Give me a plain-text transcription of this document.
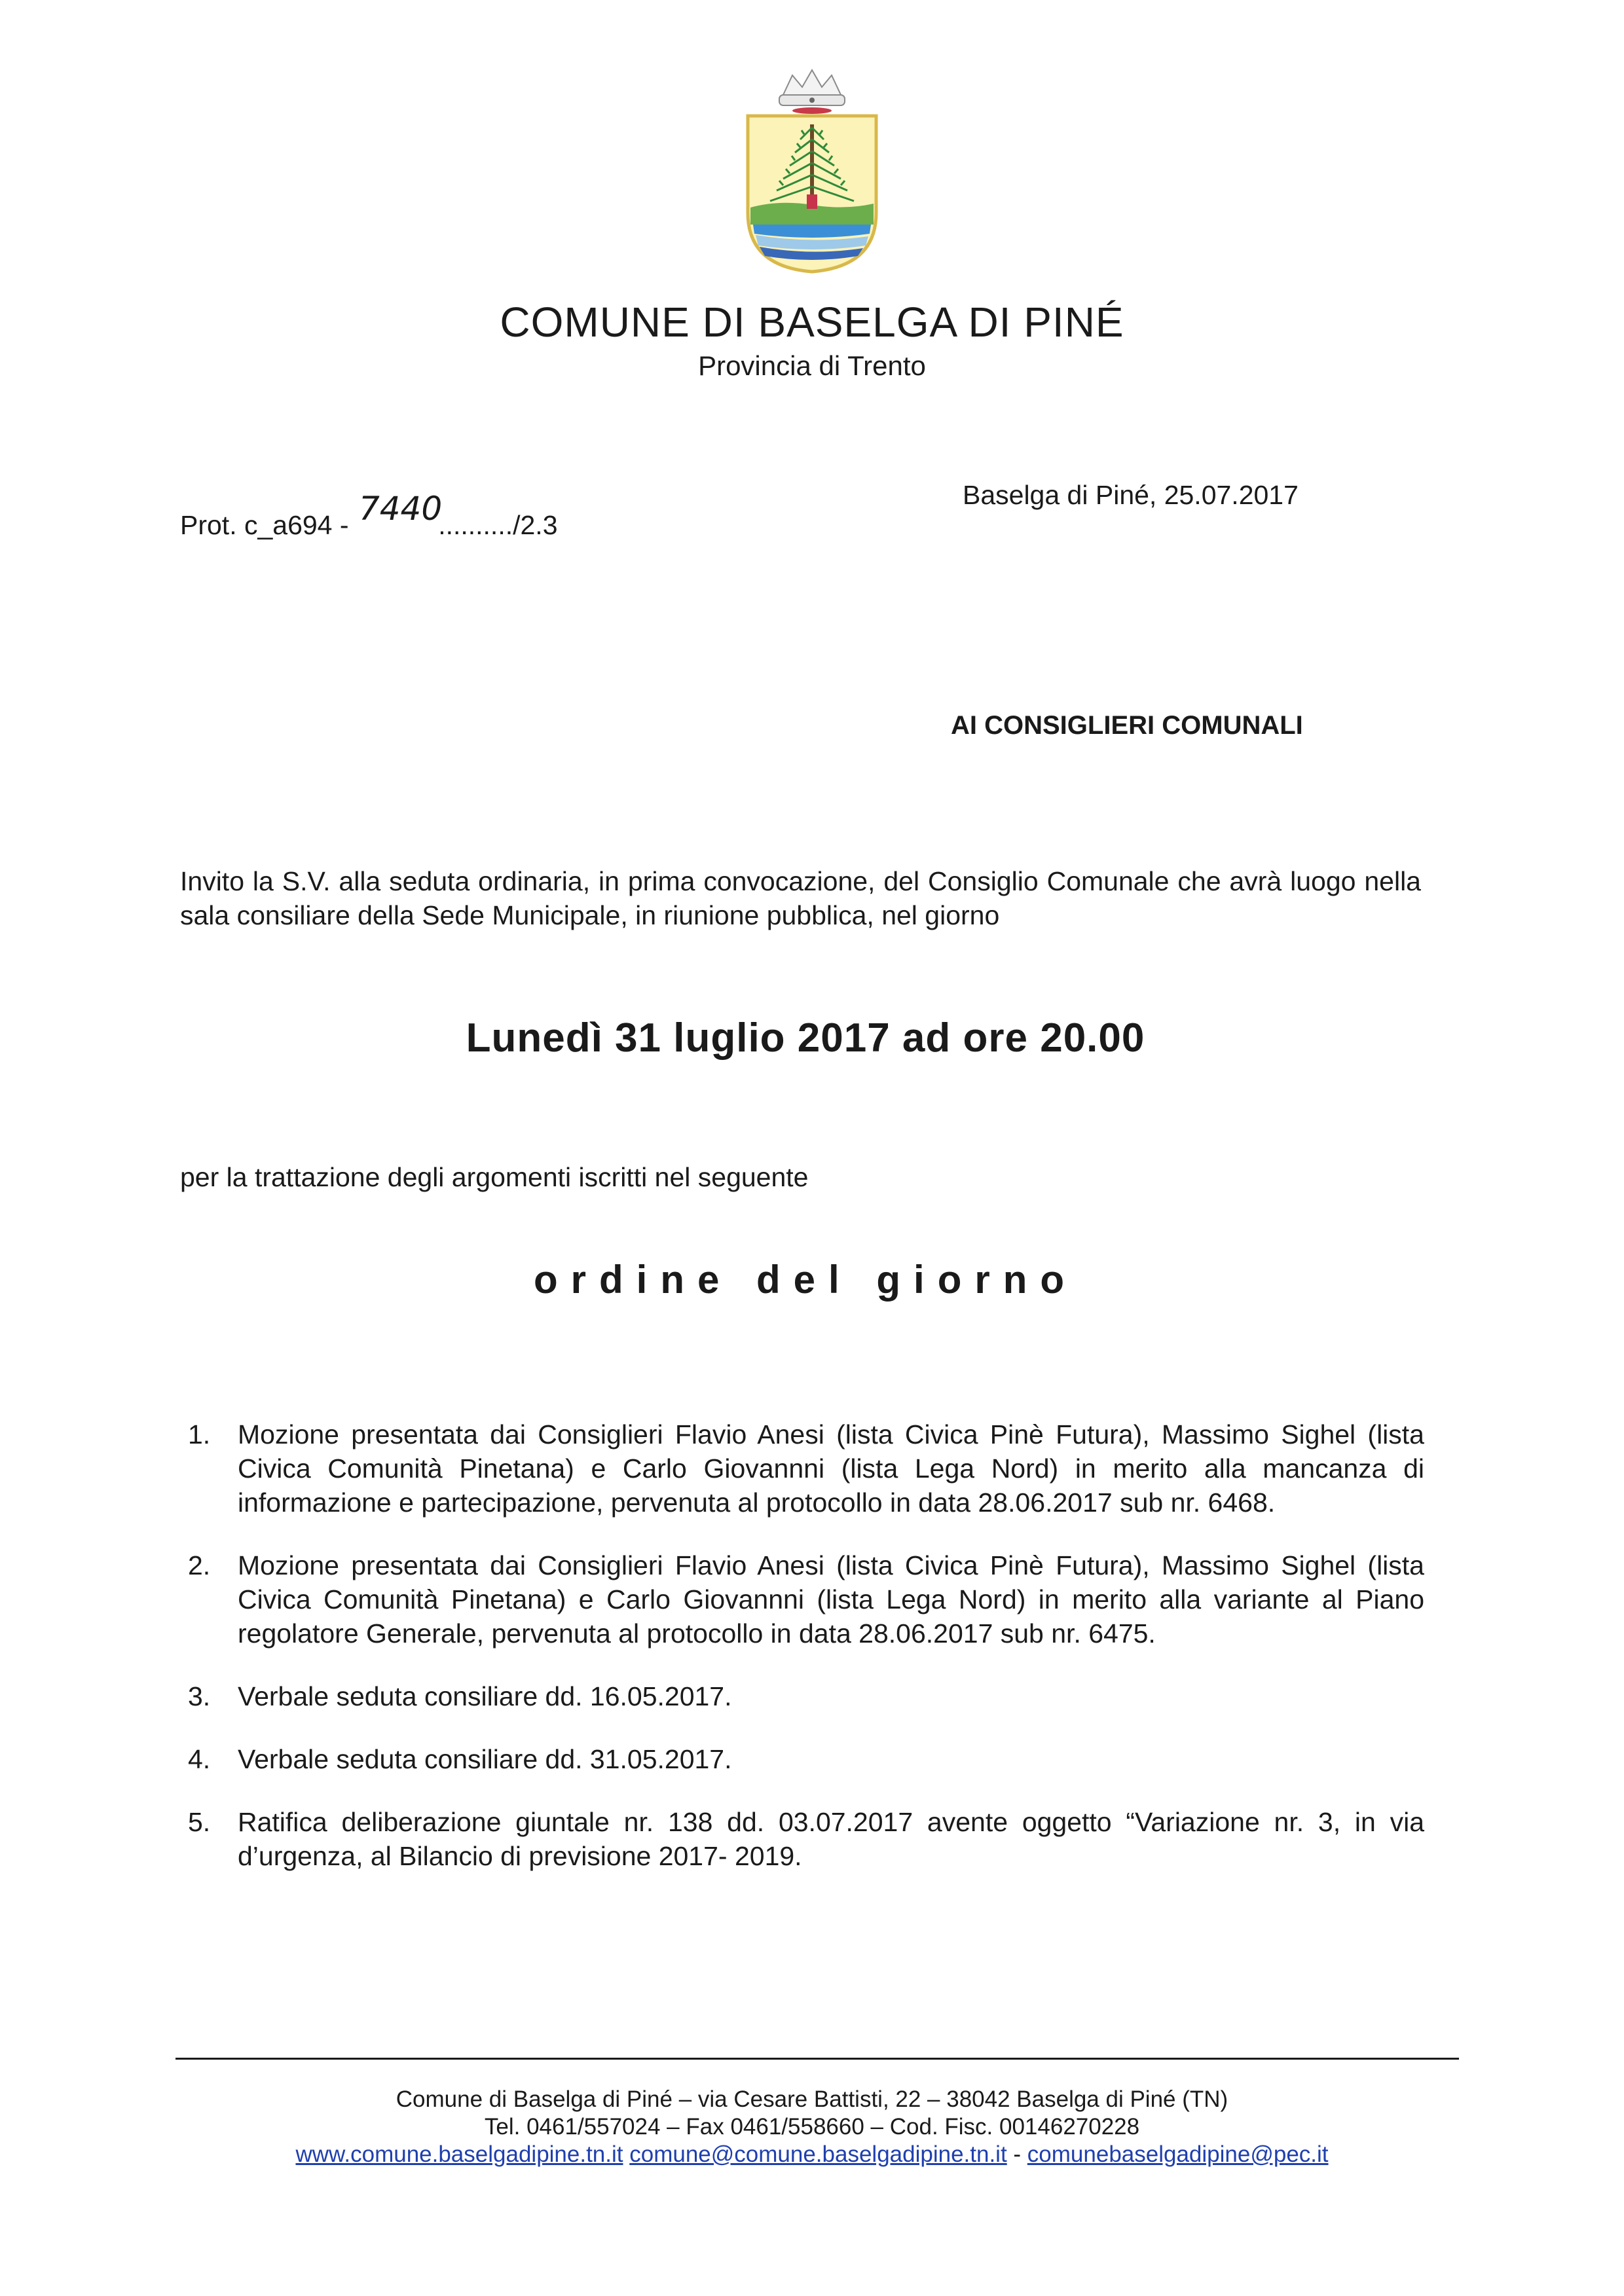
COMUNE DI BASELGA DI PINÉ
Provincia di Trento
Prot. c_a694 - 7440........../2.3
Baselga di Piné, 25.07.2017
AI CONSIGLIERI COMUNALI

Invito la S.V. alla seduta ordinaria, in prima convocazione, del Consiglio Comunale che avrà luogo nella sala consiliare della Sede Municipale, in riunione pubblica, nel giorno

Lunedì 31 luglio 2017 ad ore 20.00
per la trattazione degli argomenti iscritti nel seguente
ordine del giorno
1. Mozione presentata dai Consiglieri Flavio Anesi (lista Civica Pinè Futura), Massimo Sighel (lista Civica Comunità Pinetana) e Carlo Giovannni (lista Lega Nord) in merito alla mancanza di informazione e partecipazione, pervenuta al protocollo in data 28.06.2017 sub nr. 6468.
2. Mozione presentata dai Consiglieri Flavio Anesi (lista Civica Pinè Futura), Massimo Sighel (lista Civica Comunità Pinetana) e Carlo Giovannni (lista Lega Nord) in merito alla variante al Piano regolatore Generale, pervenuta al protocollo in data 28.06.2017 sub nr. 6475.
3. Verbale seduta consiliare dd. 16.05.2017.
4. Verbale seduta consiliare dd. 31.05.2017.
5. Ratifica deliberazione giuntale nr. 138 dd. 03.07.2017 avente oggetto “Variazione nr. 3, in via d’urgenza, al Bilancio di previsione 2017- 2019.
Comune di Baselga di Piné – via Cesare Battisti, 22 – 38042 Baselga di Piné (TN)
Tel. 0461/557024 – Fax 0461/558660 – Cod. Fisc. 00146270228
www.comune.baselgadipine.tn.it comune@comune.baselgadipine.tn.it - comunebaselgadipine@pec.it
